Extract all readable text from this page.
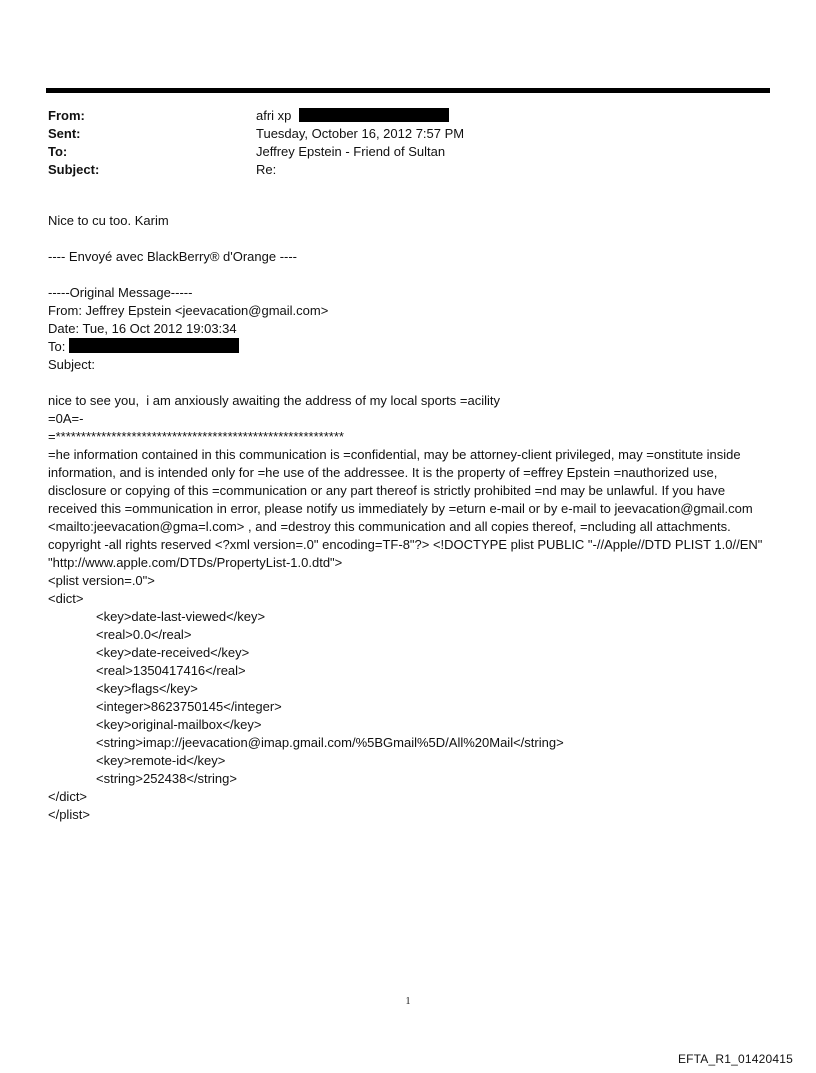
From:	afri xp
Sent:	Tuesday, October 16, 2012 7:57 PM
To:	Jeffrey Epstein - Friend of Sultan
Subject:	Re:
Nice to cu too. Karim
---- Envoyé avec BlackBerry® d'Orange ----
-----Original Message-----
From: Jeffrey Epstein <jeevacation@gmail.com>
Date: Tue, 16 Oct 2012 19:03:34
To:
Subject:
nice to see you,  i am anxiously awaiting the address of my local sports =acility
=0A=-
=*********************************************************
=he information contained in this communication is =confidential, may be attorney-client privileged, may =onstitute inside information, and is intended only for =he use of the addressee. It is the property of =effrey Epstein =nauthorized use, disclosure or copying of this =communication or any part thereof is strictly prohibited =nd may be unlawful. If you have received this =ommunication in error, please notify us immediately by =eturn e-mail or by e-mail to jeevacation@gmail.com <mailto:jeevacation@gma=l.com> , and =destroy this communication and all copies thereof, =ncluding all attachments. copyright -all rights reserved <?xml version=.0" encoding=TF-8"?> <!DOCTYPE plist PUBLIC "-//Apple//DTD PLIST 1.0//EN" "http://www.apple.com/DTDs/PropertyList-1.0.dtd">
<plist version=.0">
<dict>
<key>date-last-viewed</key>
<real>0.0</real>
<key>date-received</key>
<real>1350417416</real>
<key>flags</key>
<integer>8623750145</integer>
<key>original-mailbox</key>
<string>imap://jeevacation@imap.gmail.com/%5BGmail%5D/All%20Mail</string>
<key>remote-id</key>
<string>252438</string>
</dict>
</plist>
1
EFTA_R1_01420415
